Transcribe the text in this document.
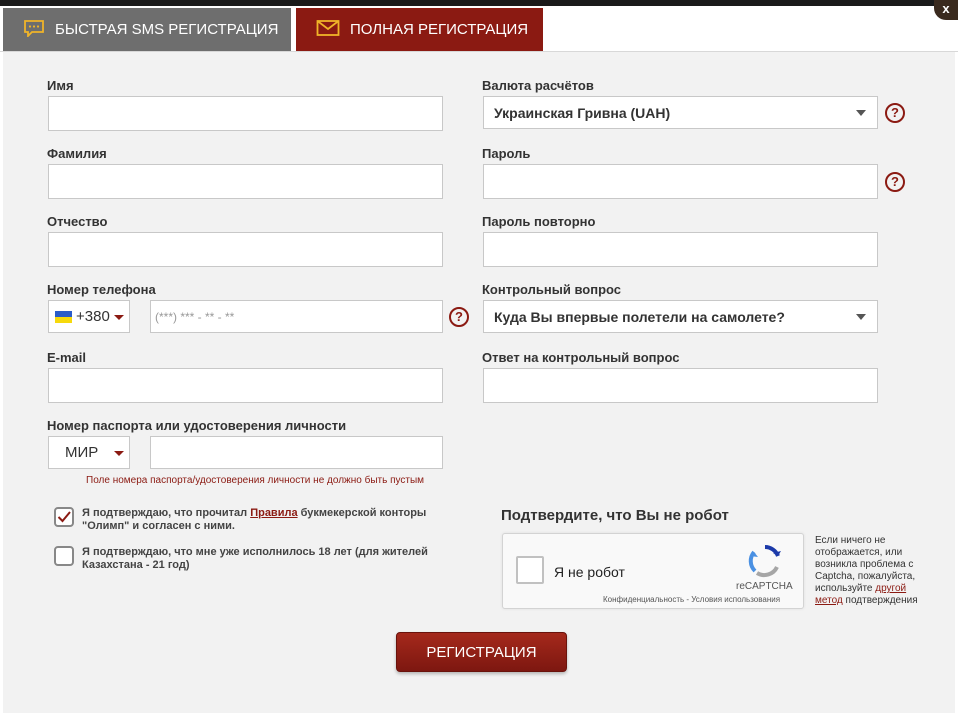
x
БЫСТРАЯ SMS РЕГИСТРАЦИЯ	ПОЛНАЯ РЕГИСТРАЦИЯ
Имя
Фамилия
Отчество
Номер телефона
+380	(***) *** - ** - **	?
E-mail
Номер паспорта или удостоверения личности
МИР
Поле номера паспорта/удостоверения личности не должно быть пустым
Валюта расчётов
Украинская Гривна (UAH)	?
Пароль
?
Пароль повторно
Контрольный вопрос
Куда Вы впервые полетели на самолете?
Ответ на контрольный вопрос
Я подтверждаю, что прочитал Правила букмекерской конторы "Олимп" и согласен с ними.
Я подтверждаю, что мне уже исполнилось 18 лет (для жителей Казахстана - 21 год)
Подтвердите, что Вы не робот
Я не робот
reCAPTCHA
Конфиденциальность - Условия использования
Если ничего не отображается, или возникла проблема с Captcha, пожалуйста, используйте другой метод подтверждения
РЕГИСТРАЦИЯ
